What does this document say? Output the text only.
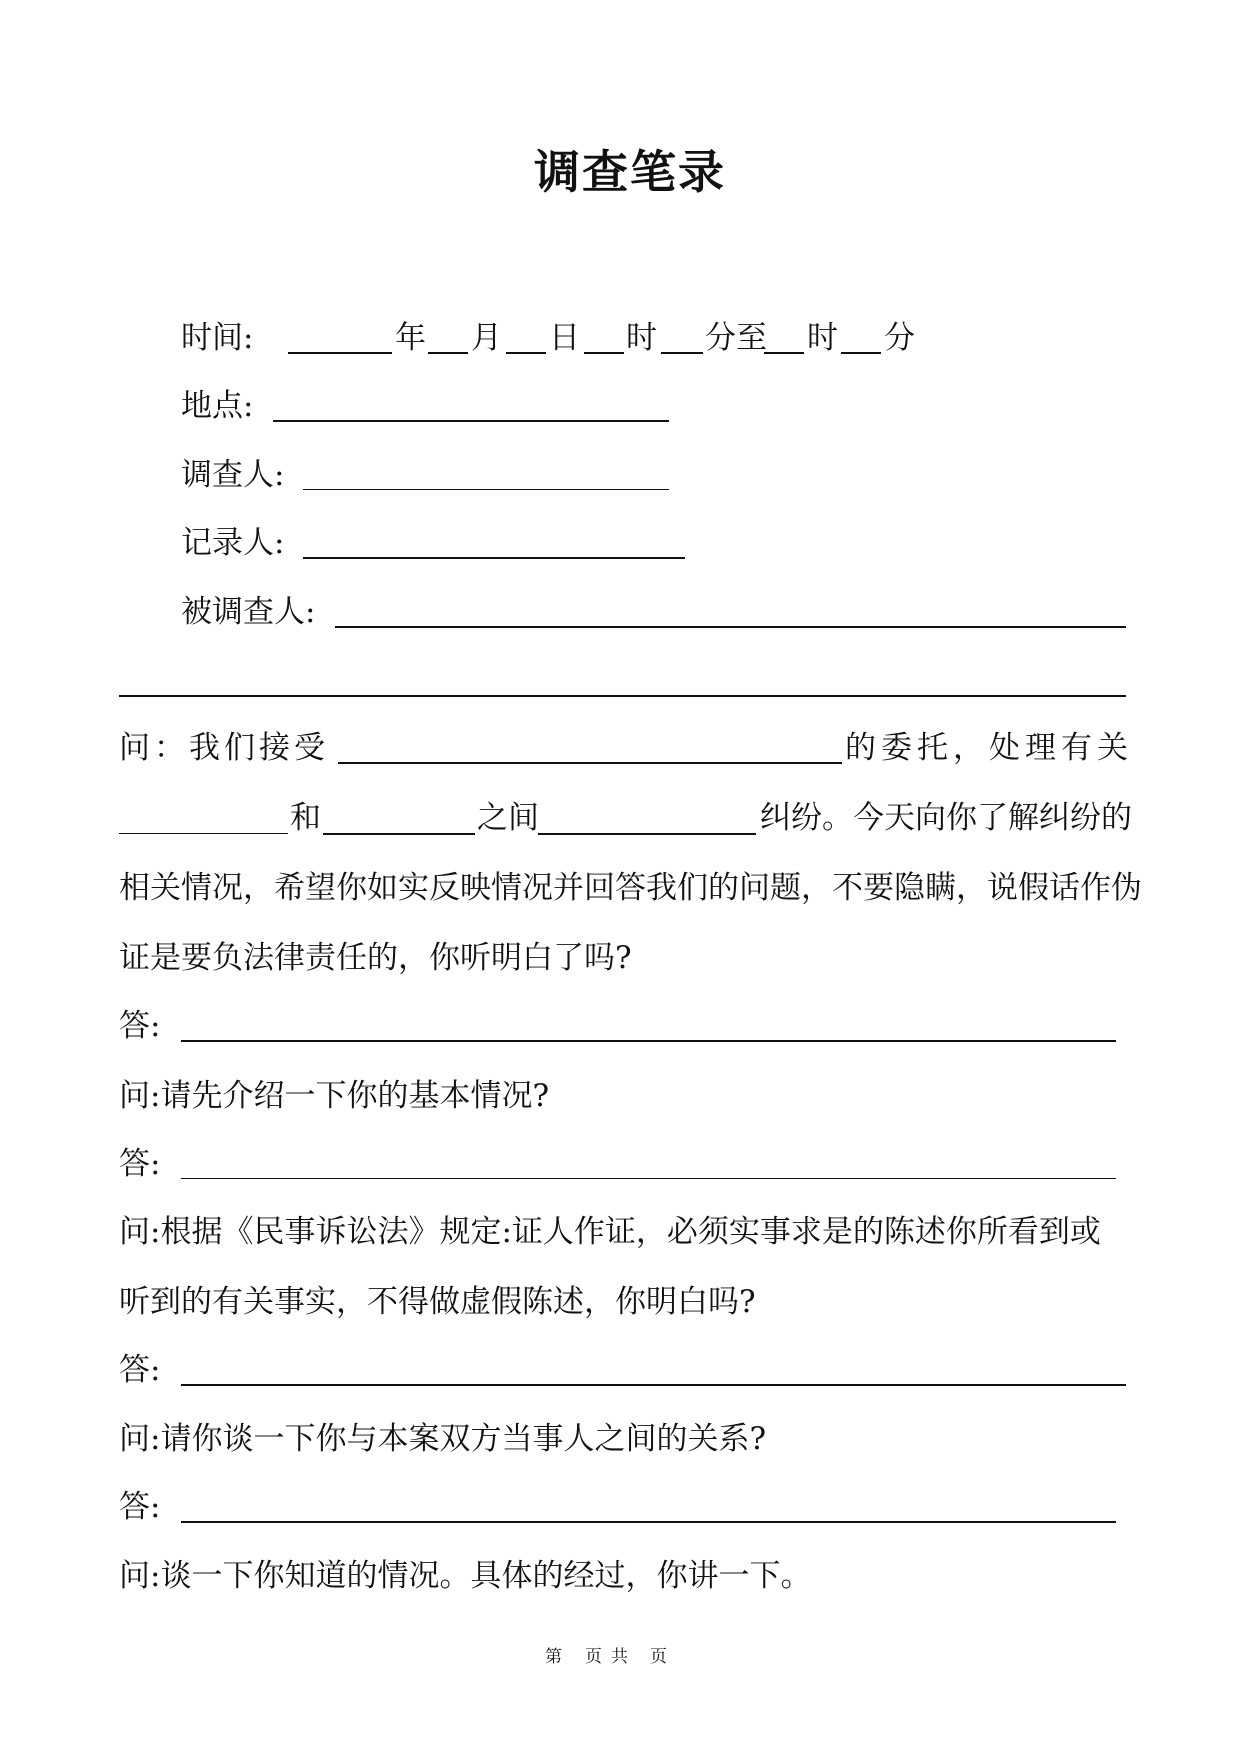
调查笔录
时间:	年 月 日 时 分至 时 分
地点:
调查人:
记录人:
被调查人:
问：我们接受	的委托，处理有关
和	之间	纠纷。今天向你了解纠纷的
相关情况，希望你如实反映情况并回答我们的问题，不要隐瞒，说假话作伪
证是要负法律责任的，你听明白了吗?
答:
问:请先介绍一下你的基本情况?
答:
问:根据《民事诉讼法》规定:证人作证，必须实事求是的陈述你所看到或
听到的有关事实，不得做虚假陈述，你明白吗?
答:
问:请你谈一下你与本案双方当事人之间的关系?
答:
问:谈一下你知道的情况。具体的经过，你讲一下。
第 页 共 页
